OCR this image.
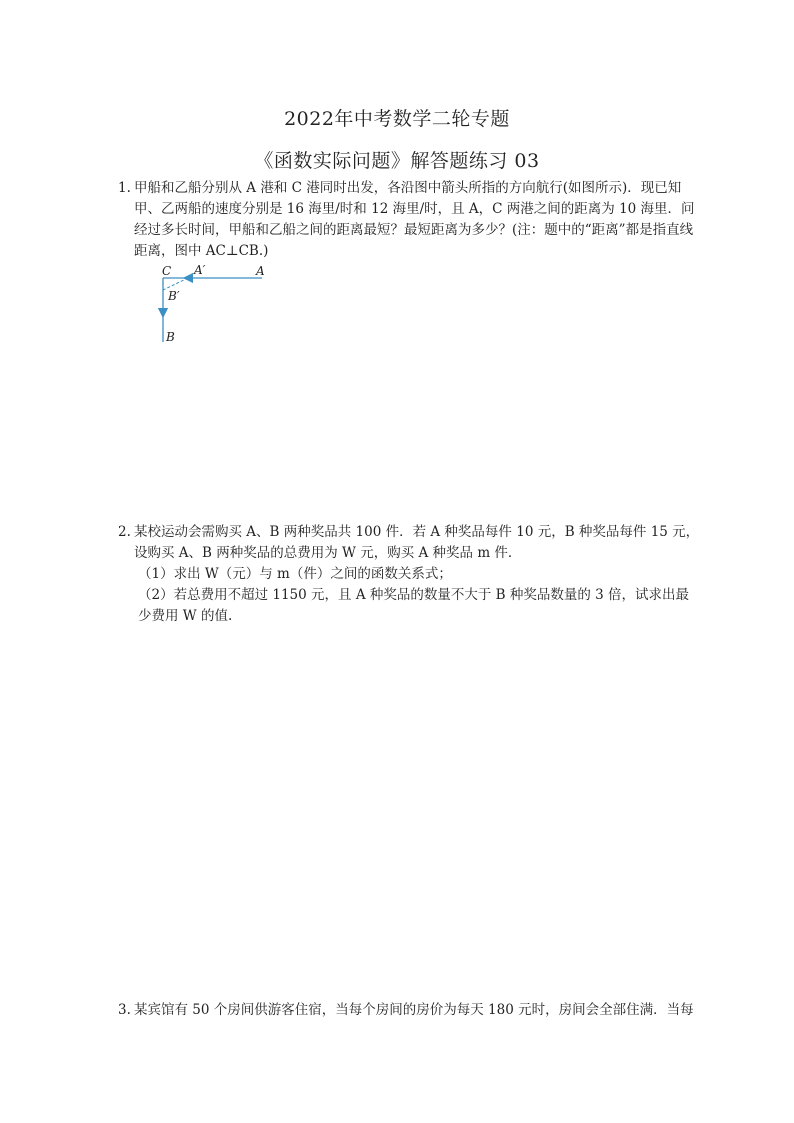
2022年中考数学二轮专题
《函数实际问题》解答题练习 03
1. 甲船和乙船分别从 A 港和 C 港同时出发，各沿图中箭头所指的方向航行(如图所示)．现已知甲、乙两船的速度分别是 16 海里/时和 12 海里/时，且 A，C 两港之间的距离为 10 海里．问经过多长时间，甲船和乙船之间的距离最短？最短距离为多少？(注：题中的“距离”都是指直线距离，图中 AC⊥CB.)
C A′	A
B′
B
2. 某校运动会需购买 A、B 两种奖品共 100 件．若 A 种奖品每件 10 元，B 种奖品每件 15 元，设购买 A、B 两种奖品的总费用为 W 元，购买 A 种奖品 m 件．
（1）求出 W（元）与 m（件）之间的函数关系式；
（2）若总费用不超过 1150 元，且 A 种奖品的数量不大于 B 种奖品数量的 3 倍，试求出最少费用 W 的值.
3. 某宾馆有 50 个房间供游客住宿，当每个房间的房价为每天 180 元时，房间会全部住满．当每
